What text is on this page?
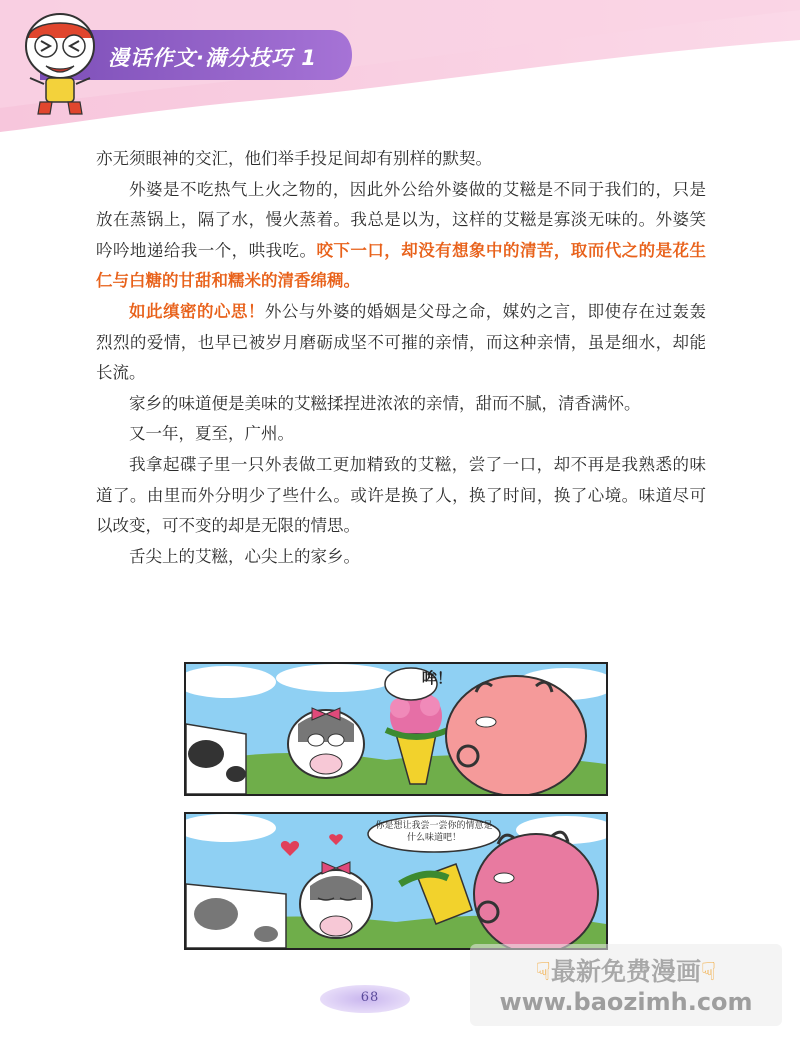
漫话作文·满分技巧 1

亦无须眼神的交汇，他们举手投足间却有别样的默契。

外婆是不吃热气上火之物的，因此外公给外婆做的艾糍是不同于我们的，只是放在蒸锅上，隔了水，慢火蒸着。我总是以为，这样的艾糍是寡淡无味的。外婆笑吟吟地递给我一个，哄我吃。咬下一口，却没有想象中的清苦，取而代之的是花生仁与白糖的甘甜和糯米的清香绵稠。

如此缜密的心思！外公与外婆的婚姻是父母之命，媒妁之言，即使存在过轰轰烈烈的爱情，也早已被岁月磨砺成坚不可摧的亲情，而这种亲情，虽是细水，却能长流。

家乡的味道便是美味的艾糍揉捏进浓浓的亲情，甜而不腻，清香满怀。

又一年，夏至，广州。

我拿起碟子里一只外表做工更加精致的艾糍，尝了一口，却不再是我熟悉的味道了。由里而外分明少了些什么。或许是换了人，换了时间，换了心境。味道尽可以改变，可不变的却是无限的情思。

舌尖上的艾糍，心尖上的家乡。

哞！
你是想让我尝一尝你的情意是什么味道吧！
68
☟最新免费漫画☟
www.baozimh.com
